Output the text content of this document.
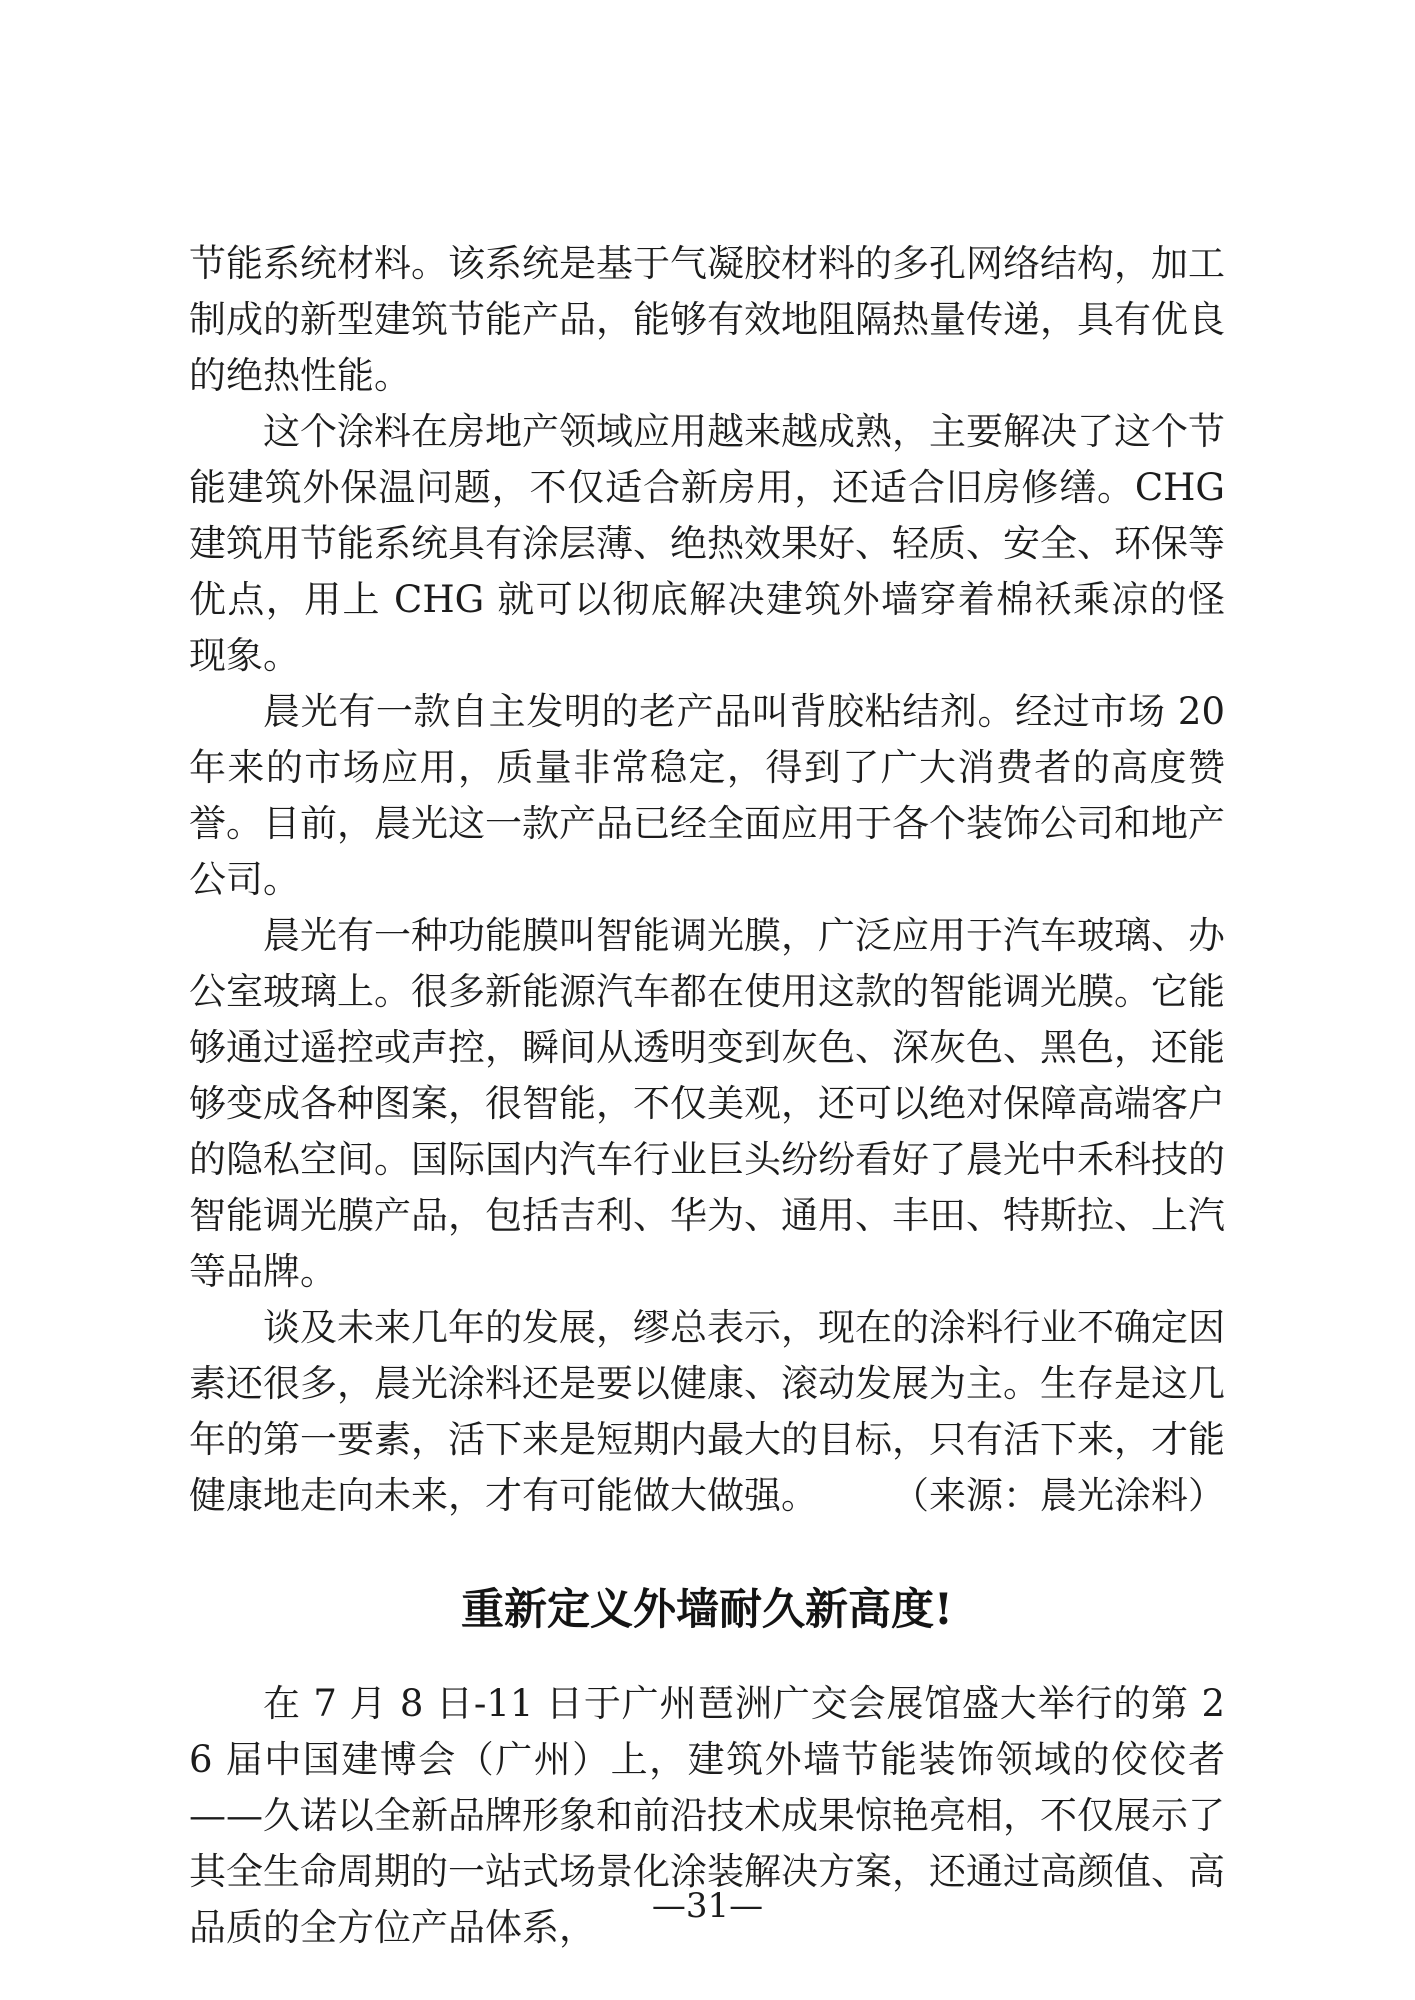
节能系统材料。该系统是基于气凝胶材料的多孔网络结构，加工制成的新型建筑节能产品，能够有效地阻隔热量传递，具有优良的绝热性能。

这个涂料在房地产领域应用越来越成熟，主要解决了这个节能建筑外保温问题，不仅适合新房用，还适合旧房修缮。CHG 建筑用节能系统具有涂层薄、绝热效果好、轻质、安全、环保等优点，用上 CHG 就可以彻底解决建筑外墙穿着棉袄乘凉的怪现象。

晨光有一款自主发明的老产品叫背胶粘结剂。经过市场 20 年来的市场应用，质量非常稳定，得到了广大消费者的高度赞誉。目前，晨光这一款产品已经全面应用于各个装饰公司和地产公司。

晨光有一种功能膜叫智能调光膜，广泛应用于汽车玻璃、办公室玻璃上。很多新能源汽车都在使用这款的智能调光膜。它能够通过遥控或声控，瞬间从透明变到灰色、深灰色、黑色，还能够变成各种图案，很智能，不仅美观，还可以绝对保障高端客户的隐私空间。国际国内汽车行业巨头纷纷看好了晨光中禾科技的智能调光膜产品，包括吉利、华为、通用、丰田、特斯拉、上汽等品牌。

谈及未来几年的发展，缪总表示，现在的涂料行业不确定因素还很多，晨光涂料还是要以健康、滚动发展为主。生存是这几年的第一要素，活下来是短期内最大的目标，只有活下来，才能健康地走向未来，才有可能做大做强。	（来源：晨光涂料）

重新定义外墙耐久新高度!

在 7 月 8 日-11 日于广州琶洲广交会展馆盛大举行的第 26 届中国建博会（广州）上，建筑外墙节能装饰领域的佼佼者——久诺以全新品牌形象和前沿技术成果惊艳亮相，不仅展示了其全生命周期的一站式场景化涂装解决方案，还通过高颜值、高品质的全方位产品体系，	—31—
